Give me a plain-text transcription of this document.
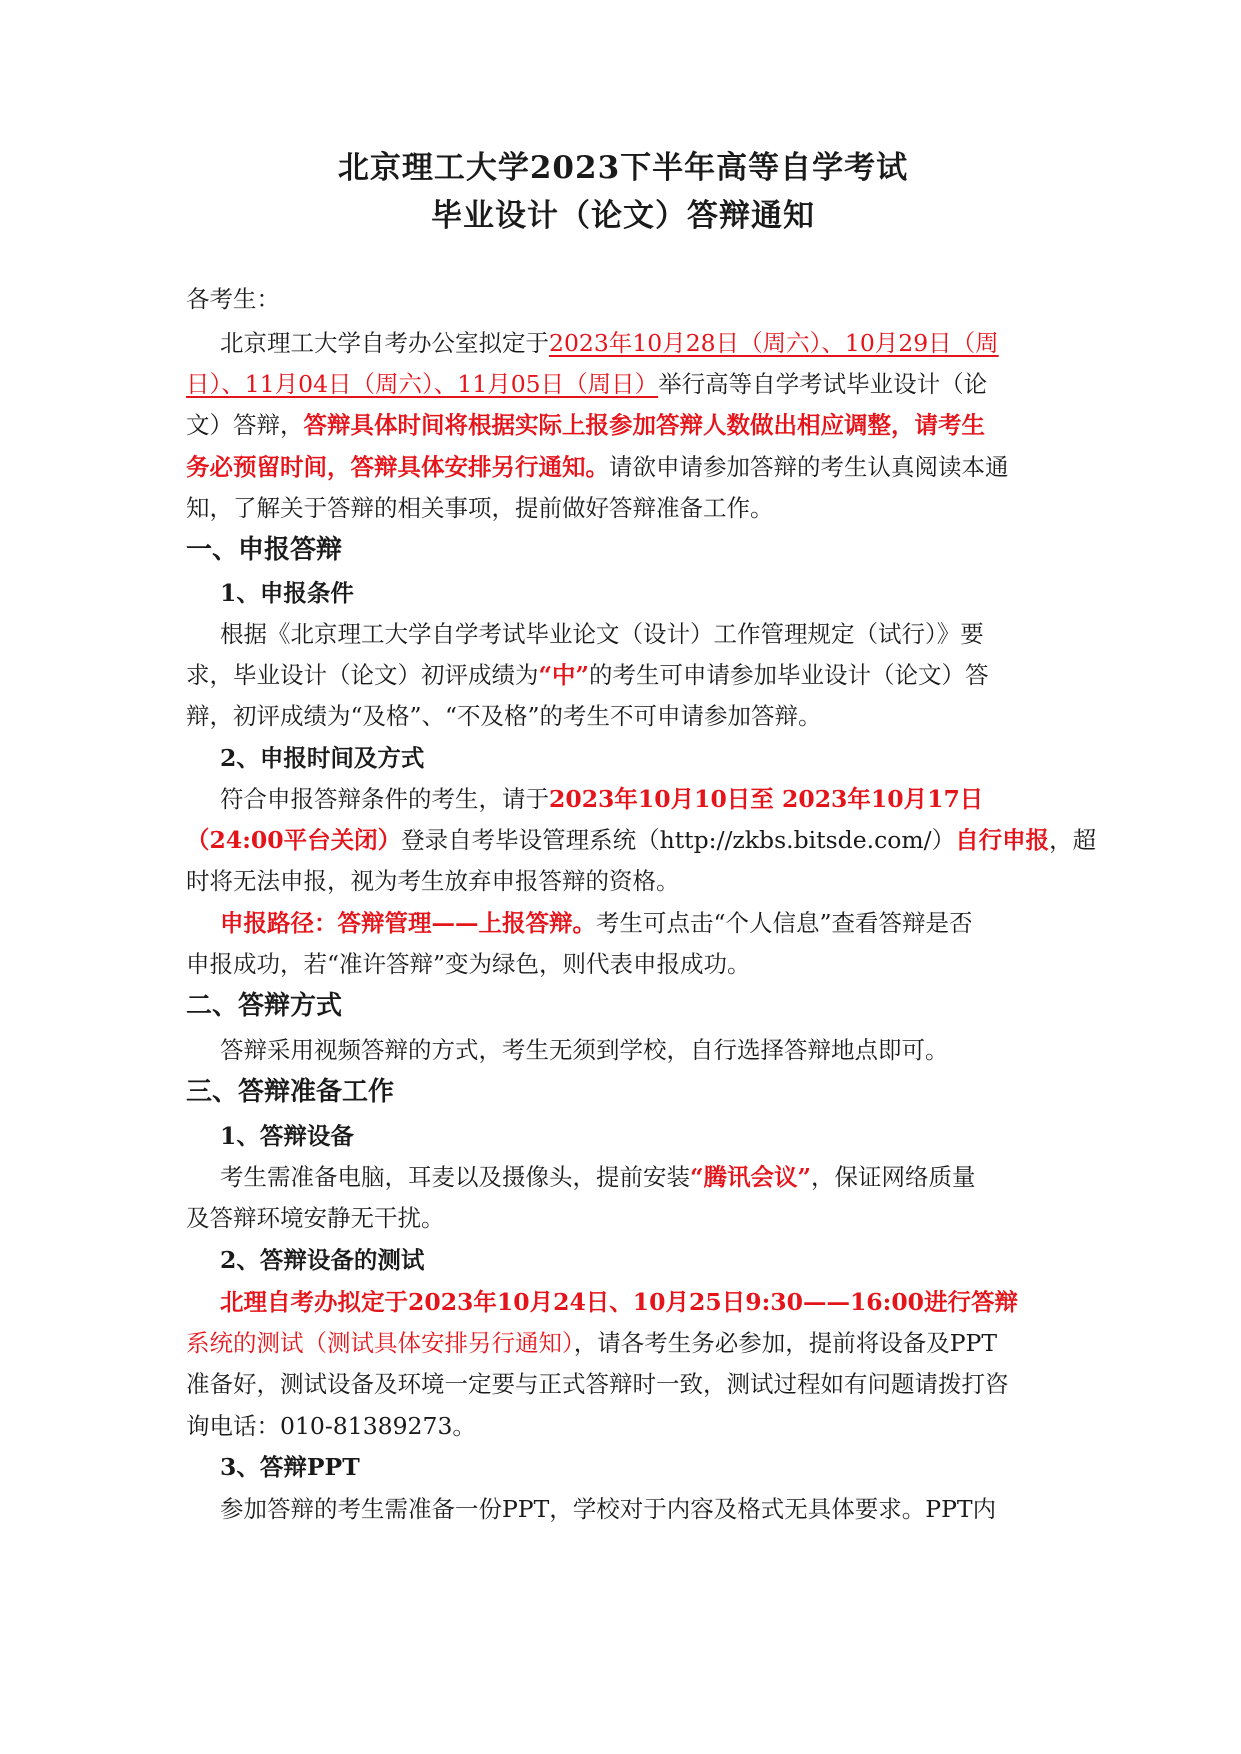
北京理工大学2023下半年高等自学考试
毕业设计（论文）答辩通知
各考生：
北京理工大学自考办公室拟定于2023年10月28日（周六）、10月29日（周
日）、11月04日（周六）、11月05日（周日）举行高等自学考试毕业设计（论
文）答辩，答辩具体时间将根据实际上报参加答辩人数做出相应调整，请考生
务必预留时间，答辩具体安排另行通知。请欲申请参加答辩的考生认真阅读本通
知，了解关于答辩的相关事项，提前做好答辩准备工作。
一、申报答辩
1、申报条件
根据《北京理工大学自学考试毕业论文（设计）工作管理规定（试行）》要
求，毕业设计（论文）初评成绩为“中”的考生可申请参加毕业设计（论文）答
辩，初评成绩为“及格”、“不及格”的考生不可申请参加答辩。
2、申报时间及方式
符合申报答辩条件的考生，请于2023年10月10日至 2023年10月17日
（24:00平台关闭）登录自考毕设管理系统（http://zkbs.bitsde.com/）自行申报，超
时将无法申报，视为考生放弃申报答辩的资格。
申报路径：答辩管理——上报答辩。考生可点击“个人信息”查看答辩是否
申报成功，若“准许答辩”变为绿色，则代表申报成功。
二、答辩方式
答辩采用视频答辩的方式，考生无须到学校，自行选择答辩地点即可。
三、答辩准备工作
1、答辩设备
考生需准备电脑，耳麦以及摄像头，提前安装“腾讯会议”，保证网络质量
及答辩环境安静无干扰。
2、答辩设备的测试
北理自考办拟定于2023年10月24日、10月25日9:30——16:00进行答辩
系统的测试（测试具体安排另行通知），请各考生务必参加，提前将设备及PPT
准备好，测试设备及环境一定要与正式答辩时一致，测试过程如有问题请拨打咨
询电话：010-81389273。
3、答辩PPT
参加答辩的考生需准备一份PPT，学校对于内容及格式无具体要求。PPT内
